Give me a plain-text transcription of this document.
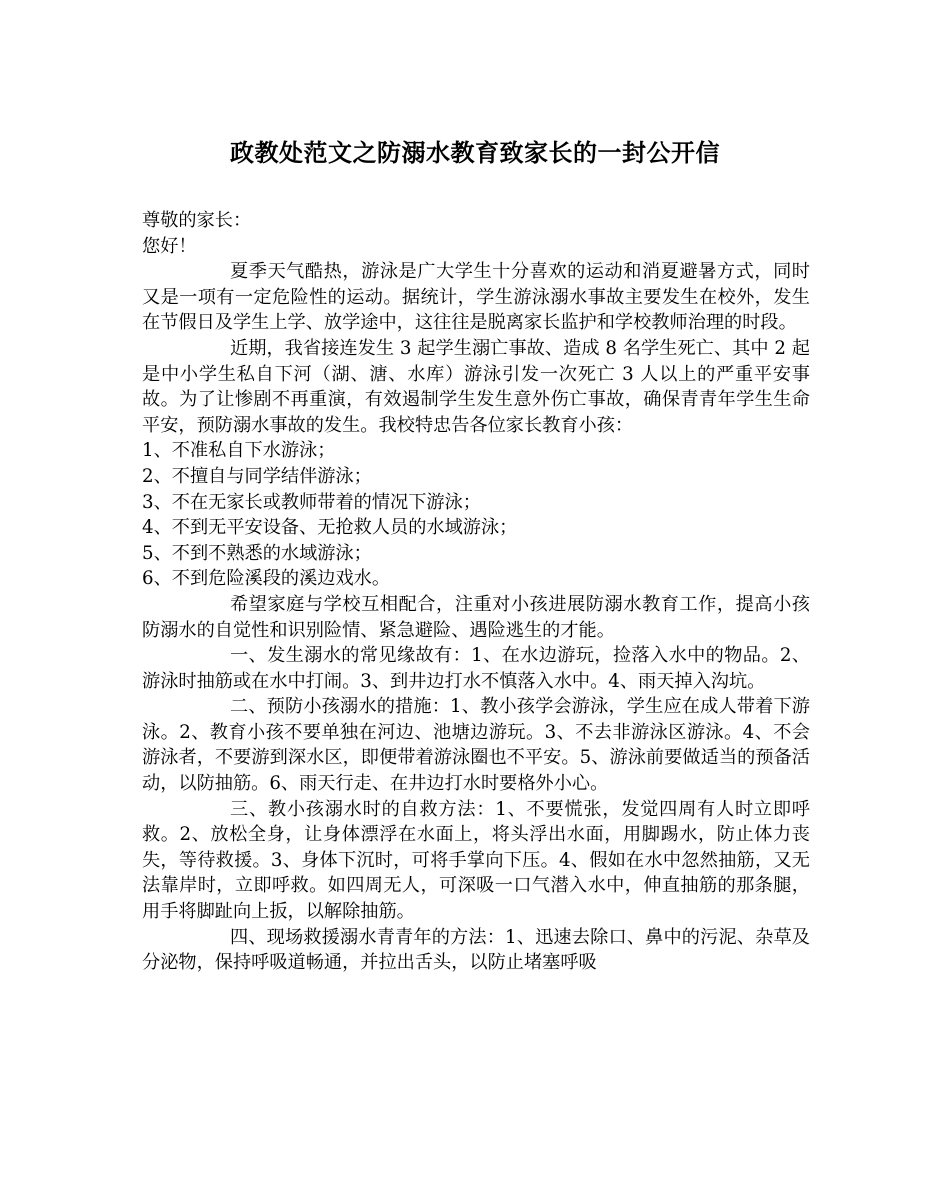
政教处范文之防溺水教育致家长的一封公开信

尊敬的家长：

您好！

夏季天气酷热，游泳是广大学生十分喜欢的运动和消夏避暑方式，同时又是一项有一定危险性的运动。据统计，学生游泳溺水事故主要发生在校外，发生在节假日及学生上学、放学途中，这往往是脱离家长监护和学校教师治理的时段。

近期，我省接连发生 3 起学生溺亡事故、造成 8 名学生死亡、其中 2 起是中小学生私自下河（湖、溏、水库）游泳引发一次死亡 3 人以上的严重平安事故。为了让惨剧不再重演，有效遏制学生发生意外伤亡事故，确保青青年学生生命平安，预防溺水事故的发生。我校特忠告各位家长教育小孩：

1、不准私自下水游泳；

2、不擅自与同学结伴游泳；

3、不在无家长或教师带着的情况下游泳；

4、不到无平安设备、无抢救人员的水域游泳；

5、不到不熟悉的水域游泳；

6、不到危险溪段的溪边戏水。

希望家庭与学校互相配合，注重对小孩进展防溺水教育工作，提高小孩防溺水的自觉性和识别险情、紧急避险、遇险逃生的才能。

一、发生溺水的常见缘故有：1、在水边游玩，捡落入水中的物品。2、游泳时抽筋或在水中打闹。3、到井边打水不慎落入水中。4、雨天掉入沟坑。

二、预防小孩溺水的措施：1、教小孩学会游泳，学生应在成人带着下游泳。2、教育小孩不要单独在河边、池塘边游玩。3、不去非游泳区游泳。4、不会游泳者，不要游到深水区，即便带着游泳圈也不平安。5、游泳前要做适当的预备活动，以防抽筋。6、雨天行走、在井边打水时要格外小心。

三、教小孩溺水时的自救方法：1、不要慌张，发觉四周有人时立即呼救。2、放松全身，让身体漂浮在水面上，将头浮出水面，用脚踢水，防止体力丧失，等待救援。3、身体下沉时，可将手掌向下压。4、假如在水中忽然抽筋，又无法靠岸时，立即呼救。如四周无人，可深吸一口气潜入水中，伸直抽筋的那条腿，用手将脚趾向上扳，以解除抽筋。

四、现场救援溺水青青年的方法：1、迅速去除口、鼻中的污泥、杂草及分泌物，保持呼吸道畅通，并拉出舌头，以防止堵塞呼吸
